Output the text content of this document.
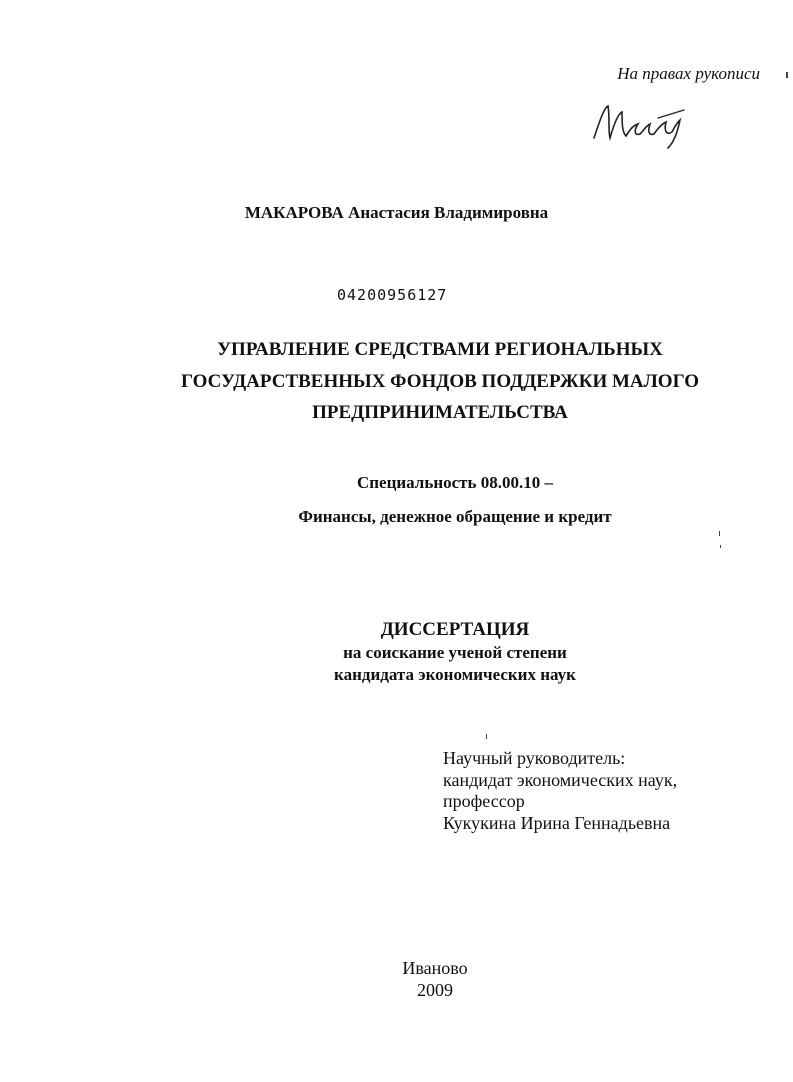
На правах рукописи
МАКАРОВА Анастасия Владимировна
04200956127
УПРАВЛЕНИЕ СРЕДСТВАМИ РЕГИОНАЛЬНЫХ
ГОСУДАРСТВЕННЫХ ФОНДОВ ПОДДЕРЖКИ МАЛОГО
ПРЕДПРИНИМАТЕЛЬСТВА
Специальность 08.00.10 –
Финансы, денежное обращение и кредит
ДИССЕРТАЦИЯ
на соискание ученой степени
кандидата экономических наук
Научный руководитель:
кандидат экономических наук,
профессор
Кукукина Ирина Геннадьевна
Иваново
2009
